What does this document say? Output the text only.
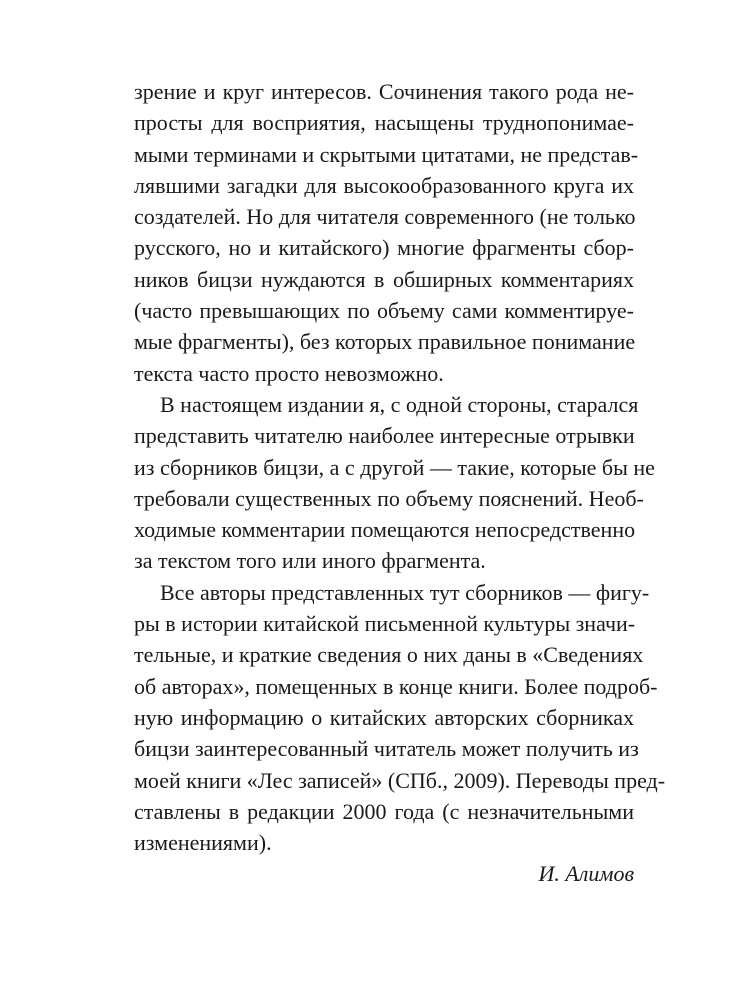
зрение и круг интересов. Сочинения такого рода не-
просты для восприятия, насыщены труднопонимае-
мыми терминами и скрытыми цитатами, не представ-
лявшими загадки для высокообразованного круга их
создателей. Но для читателя современного (не только
русского, но и китайского) многие фрагменты сбор-
ников бицзи нуждаются в обширных комментариях
(часто превышающих по объему сами комментируе-
мые фрагменты), без которых правильное понимание
текста часто просто невозможно.
В настоящем издании я, с одной стороны, старался
представить читателю наиболее интересные отрывки
из сборников бицзи, а с другой — такие, которые бы не
требовали существенных по объему пояснений. Необ-
ходимые комментарии помещаются непосредственно
за текстом того или иного фрагмента.
Все авторы представленных тут сборников — фигу-
ры в истории китайской письменной культуры значи-
тельные, и краткие сведения о них даны в «Сведениях
об авторах», помещенных в конце книги. Более подроб-
ную информацию о китайских авторских сборниках
бицзи заинтересованный читатель может получить из
моей книги «Лес записей» (СПб., 2009). Переводы пред-
ставлены в редакции 2000 года (с незначительными
изменениями).
И. Алимов
